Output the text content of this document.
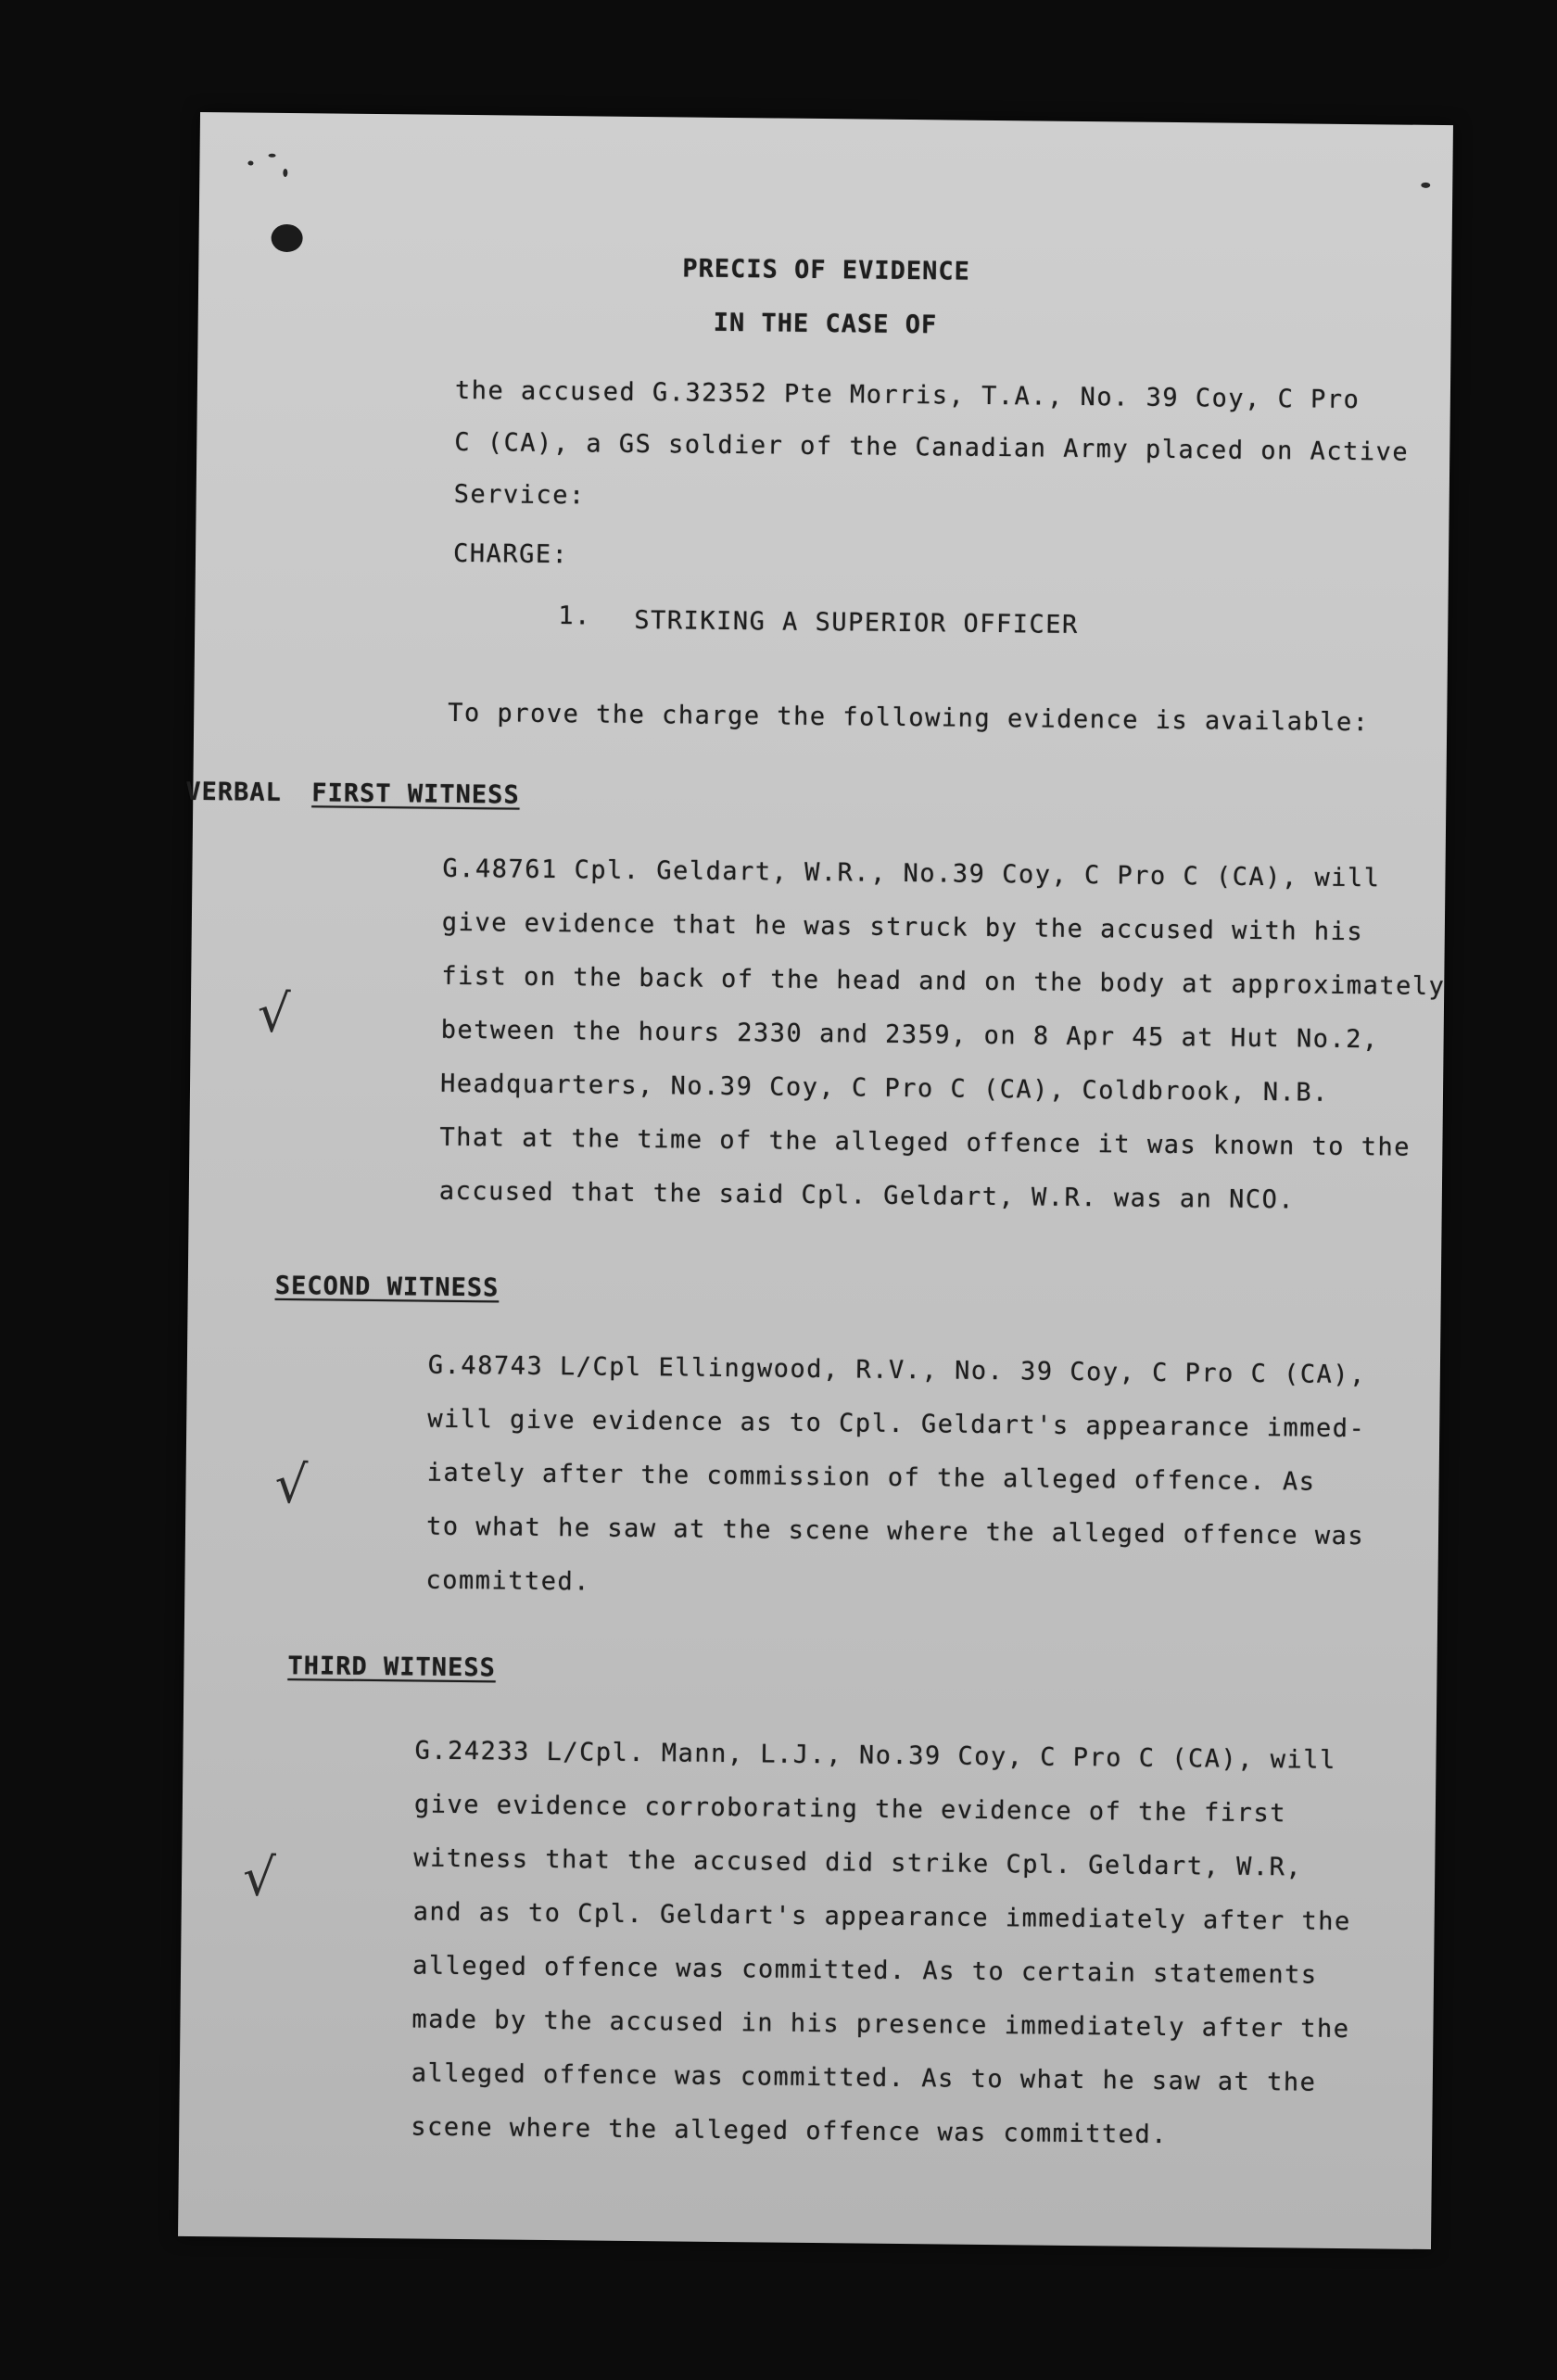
PRECIS OF EVIDENCE
IN THE CASE OF
the accused G.32352 Pte Morris, T.A., No. 39 Coy, C Pro
C (CA), a GS soldier of the Canadian Army placed on Active
Service:
CHARGE:
1. STRIKING A SUPERIOR OFFICER
To prove the charge the following evidence is available:
VERBAL FIRST WITNESS
√
G.48761 Cpl. Geldart, W.R., No.39 Coy, C Pro C (CA), will
give evidence that he was struck by the accused with his
fist on the back of the head and on the body at approximately
between the hours 2330 and 2359, on 8 Apr 45 at Hut No.2,
Headquarters, No.39 Coy, C Pro C (CA), Coldbrook, N.B.
That at the time of the alleged offence it was known to the
accused that the said Cpl. Geldart, W.R. was an NCO.
SECOND WITNESS
√
G.48743 L/Cpl Ellingwood, R.V., No. 39 Coy, C Pro C (CA),
will give evidence as to Cpl. Geldart's appearance immed-
iately after the commission of the alleged offence. As
to what he saw at the scene where the alleged offence was
committed.
THIRD WITNESS
√
G.24233 L/Cpl. Mann, L.J., No.39 Coy, C Pro C (CA), will
give evidence corroborating the evidence of the first
witness that the accused did strike Cpl. Geldart, W.R,
and as to Cpl. Geldart's appearance immediately after the
alleged offence was committed. As to certain statements
made by the accused in his presence immediately after the
alleged offence was committed. As to what he saw at the
scene where the alleged offence was committed.
